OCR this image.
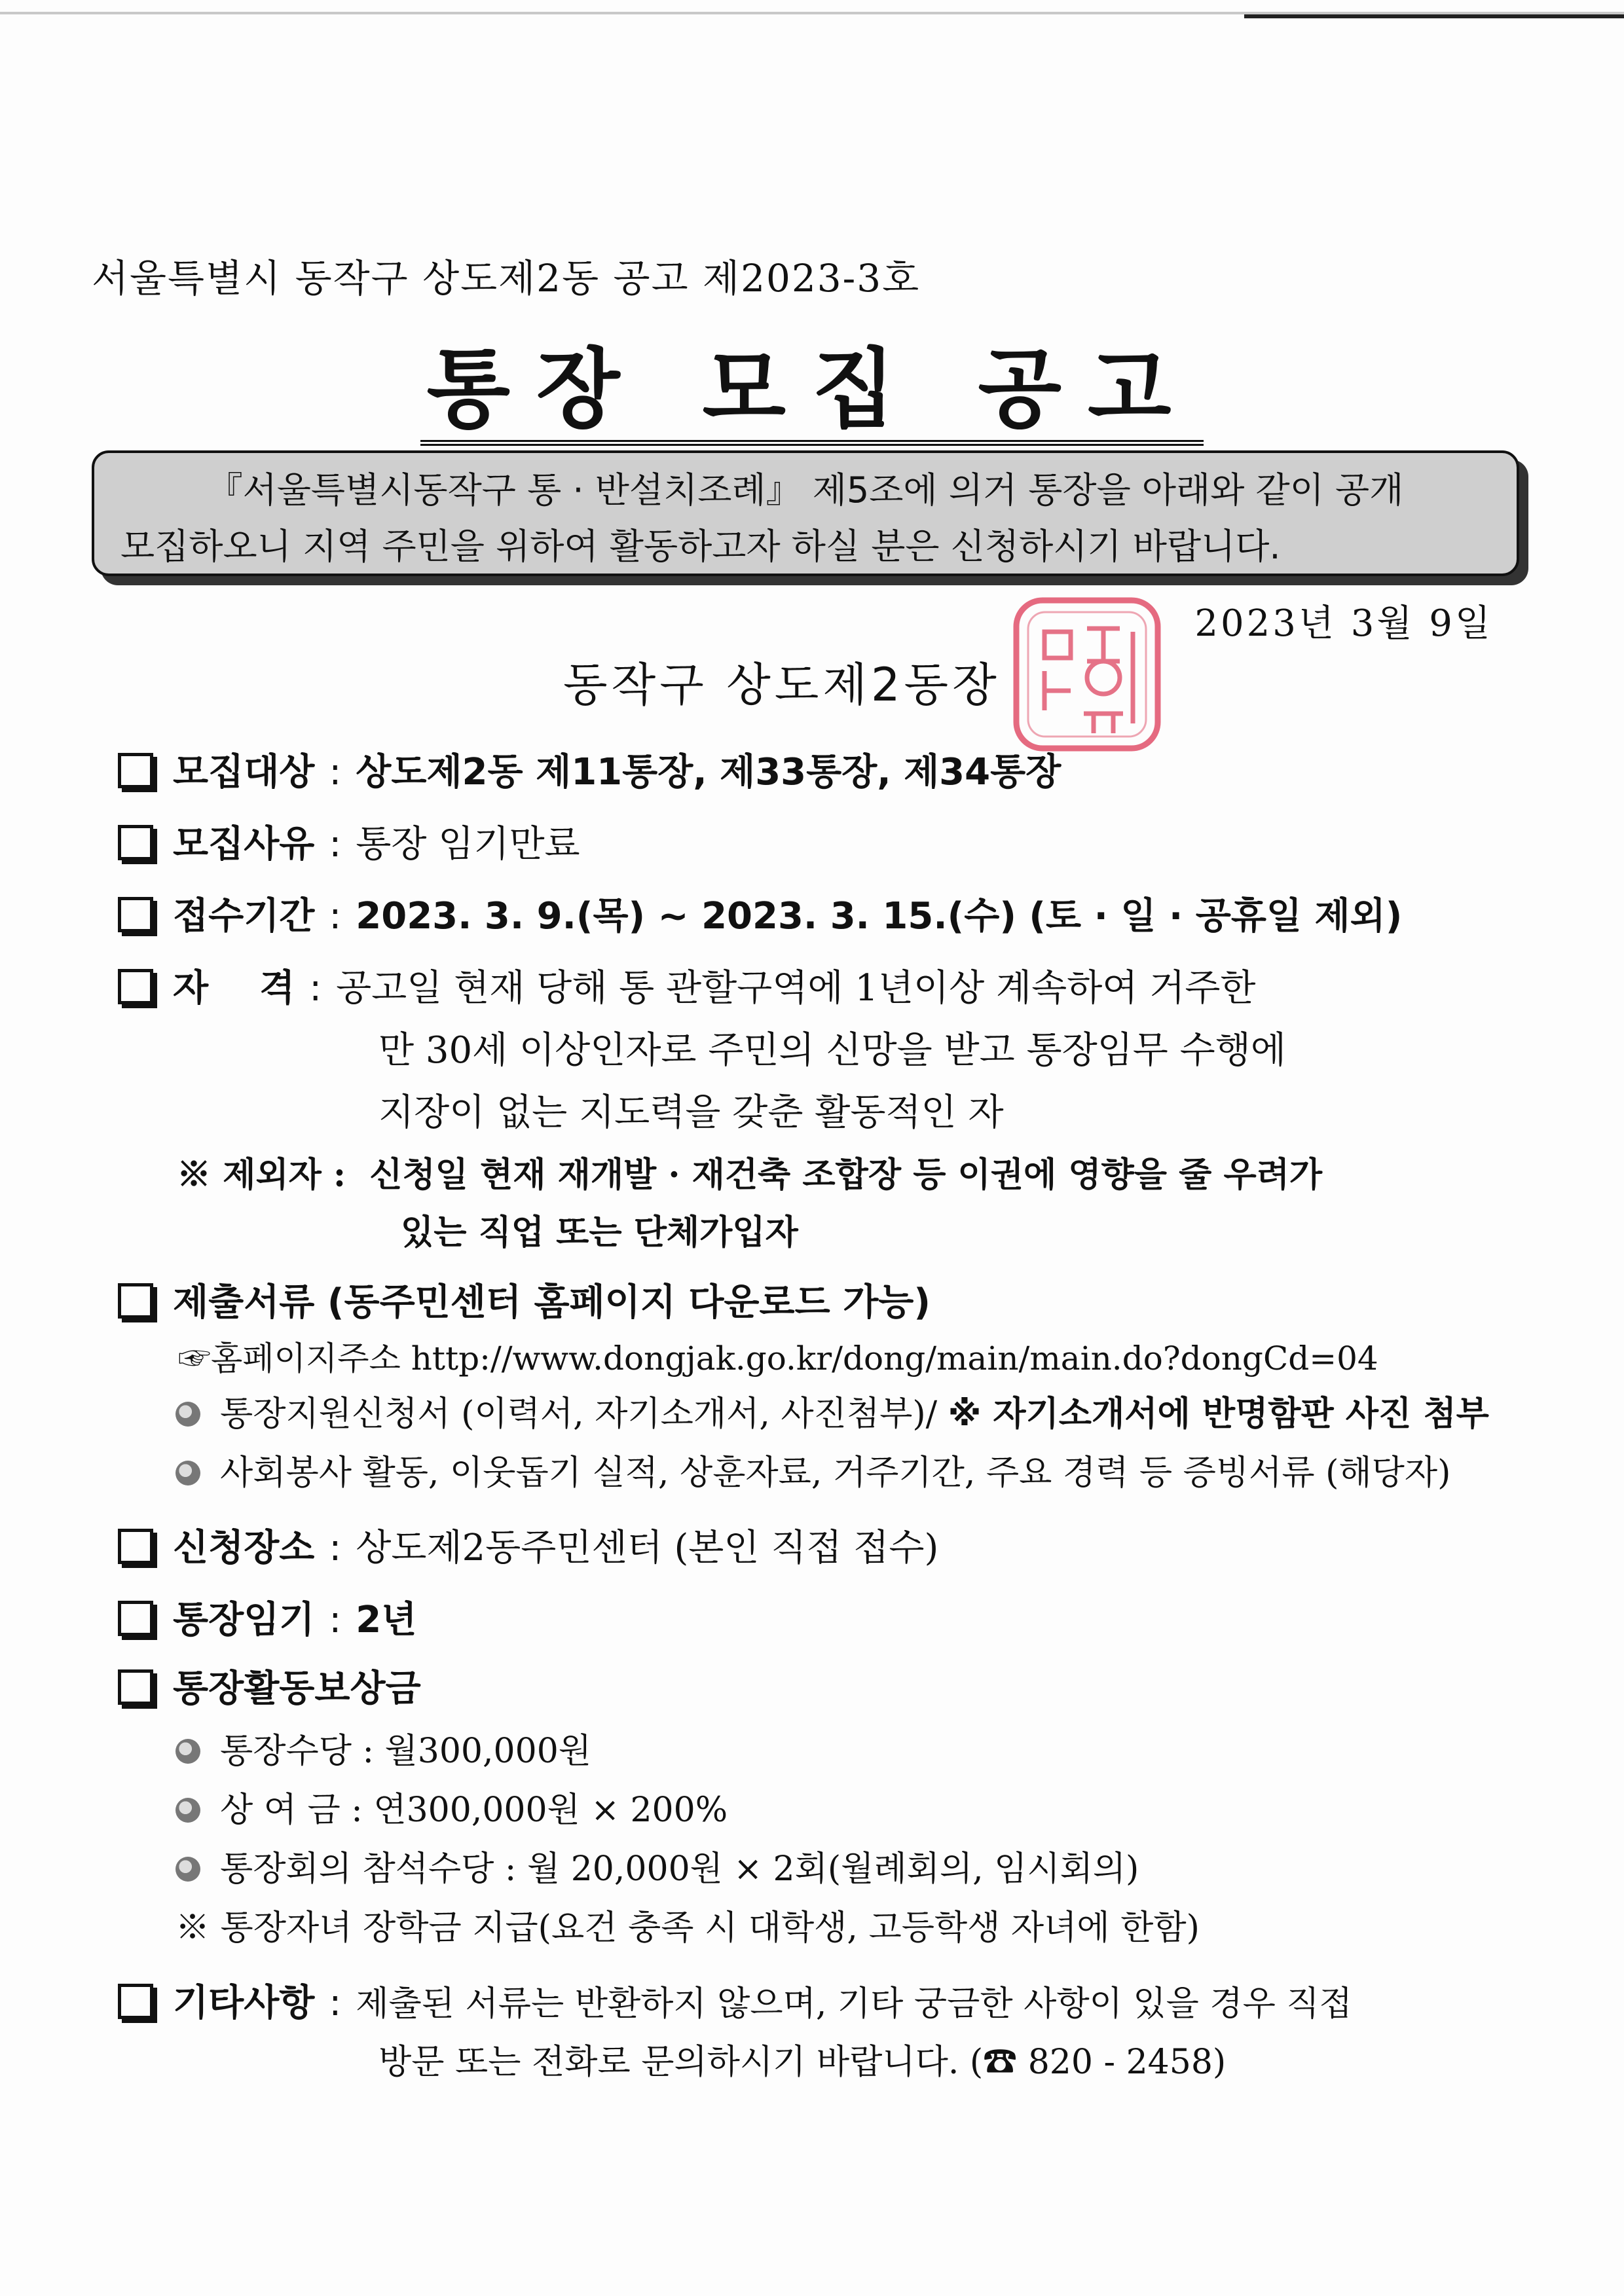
서울특별시 동작구 상도제2동 공고 제2023-3호
통장 모집 공고
『서울특별시동작구 통 · 반설치조례』 제5조에 의거 통장을 아래와 같이 공개
모집하오니 지역 주민을 위하여 활동하고자 하실 분은 신청하시기 바랍니다.
2023년 3월 9일
동작구 상도제2동장
모집대상 : 상도제2동 제11통장, 제33통장, 제34통장
모집사유 : 통장 임기만료
접수기간 : 2023. 3. 9.(목) ~ 2023. 3. 15.(수) (토 · 일 · 공휴일 제외)
자    격 : 공고일 현재 당해 통 관할구역에 1년이상 계속하여 거주한
만 30세 이상인자로 주민의 신망을 받고 통장임무 수행에
지장이 없는 지도력을 갖춘 활동적인 자
※ 제외자 : 신청일 현재 재개발 · 재건축 조합장 등 이권에 영향을 줄 우려가
있는 직업 또는 단체가입자
제출서류 (동주민센터 홈페이지 다운로드 가능)
☞홈페이지주소 http://www.dongjak.go.kr/dong/main/main.do?dongCd=04
통장지원신청서 (이력서, 자기소개서, 사진첨부)/ ※ 자기소개서에 반명함판 사진 첨부
사회봉사 활동, 이웃돕기 실적, 상훈자료, 거주기간, 주요 경력 등 증빙서류 (해당자)
신청장소 : 상도제2동주민센터 (본인 직접 접수)
통장임기 : 2년
통장활동보상금
통장수당 : 월300,000원
상 여 금 : 연300,000원 × 200%
통장회의 참석수당 : 월 20,000원 × 2회(월례회의, 임시회의)
※ 통장자녀 장학금 지급(요건 충족 시 대학생, 고등학생 자녀에 한함)
기타사항 : 제출된 서류는 반환하지 않으며, 기타 궁금한 사항이 있을 경우 직접
방문 또는 전화로 문의하시기 바랍니다. (☎ 820 - 2458)
